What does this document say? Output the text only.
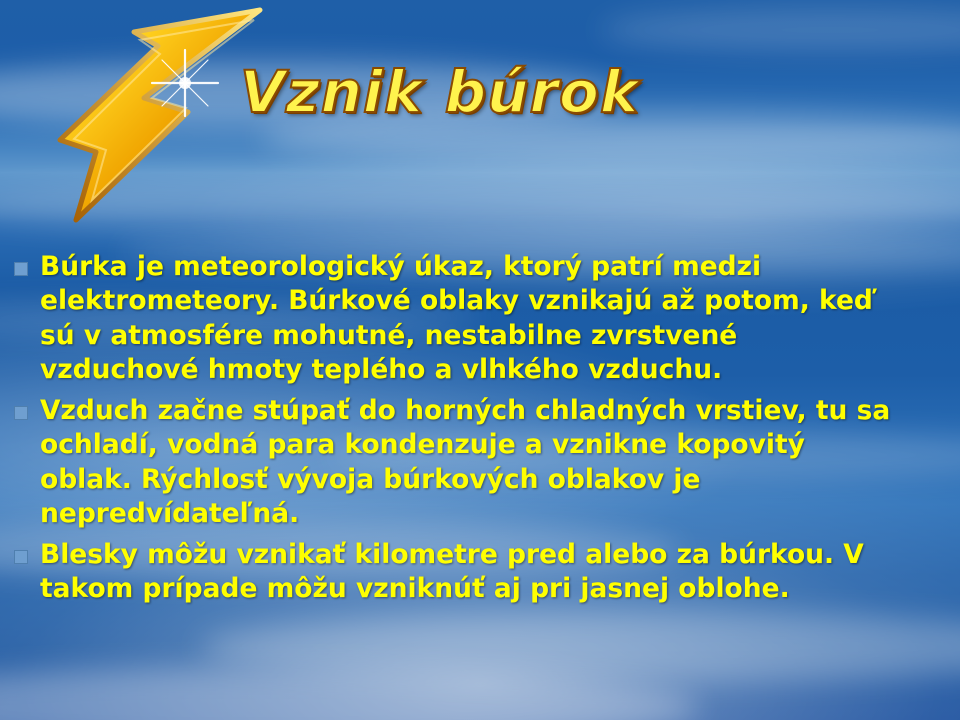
Vznik búrok
Búrka je meteorologický úkaz, ktorý patrí medzi elektrometeory. Búrkové oblaky vznikajú až potom, keď sú v atmosfére mohutné, nestabilne zvrstvené vzduchové hmoty teplého a vlhkého vzduchu.
Vzduch začne stúpať do horných chladných vrstiev, tu sa ochladí, vodná para kondenzuje a vznikne kopovitý oblak. Rýchlosť vývoja búrkových oblakov je nepredvídateľná.
Blesky môžu vznikať kilometre pred alebo za búrkou. V takom prípade môžu vzniknúť aj pri jasnej oblohe.
